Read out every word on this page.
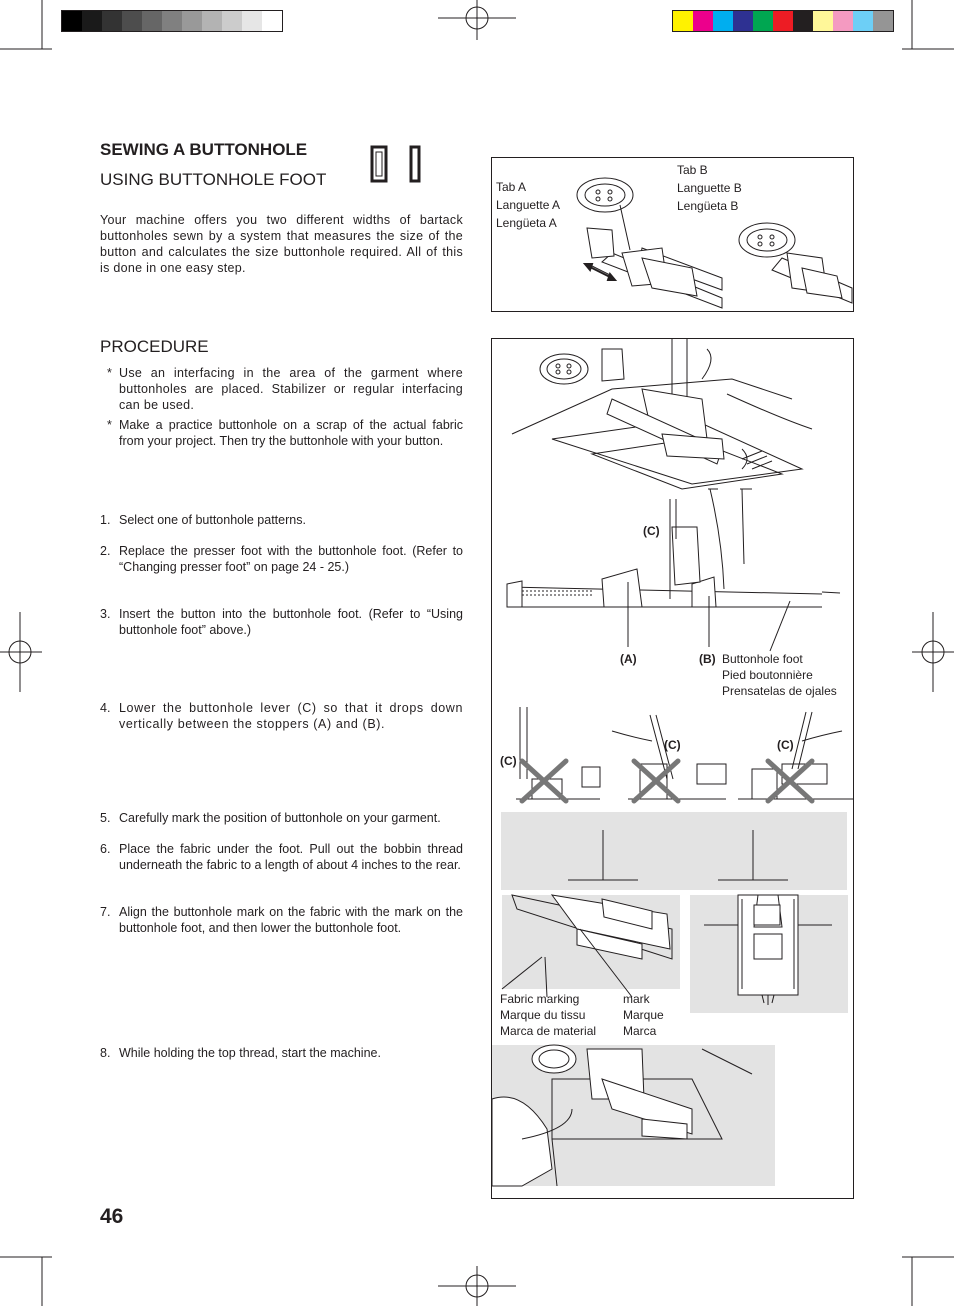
SEWING A BUTTONHOLE
USING BUTTONHOLE FOOT
Your machine offers you two different widths of bartack buttonholes sewn by a system that measures the size of the button and calculates the size buttonhole required. All of this is done in one easy step.
Tab A
Languette A
Lengüeta A
Tab B
Languette B
Lengüeta B
PROCEDURE
* Use an interfacing in the area of the garment where buttonholes are placed. Stabilizer or regular interfacing can be used.
* Make a practice buttonhole on a scrap of the actual fabric from your project. Then try the buttonhole with your button.
1. Select one of buttonhole patterns.
2. Replace the presser foot with the buttonhole foot. (Refer to “Changing presser foot” on page 24 - 25.)
3. Insert the button into the buttonhole foot. (Refer to “Using buttonhole foot” above.)
4. Lower the buttonhole lever (C) so that it drops down vertically between the stoppers (A) and (B).
5. Carefully mark the position of buttonhole on your garment.
6. Place the fabric under the foot. Pull out the bobbin thread underneath the fabric to a length of about 4 inches to the rear.
7. Align the buttonhole mark on the fabric with the mark on the buttonhole foot, and then lower the buttonhole foot.
8. While holding the top thread, start the machine.
(C)
(A)	(B) Buttonhole foot
Pied boutonnière
Prensatelas de ojales
(C)
(C)	(C)
Fabric marking
Marque du tissu
Marca de material
mark
Marque
Marca
46
